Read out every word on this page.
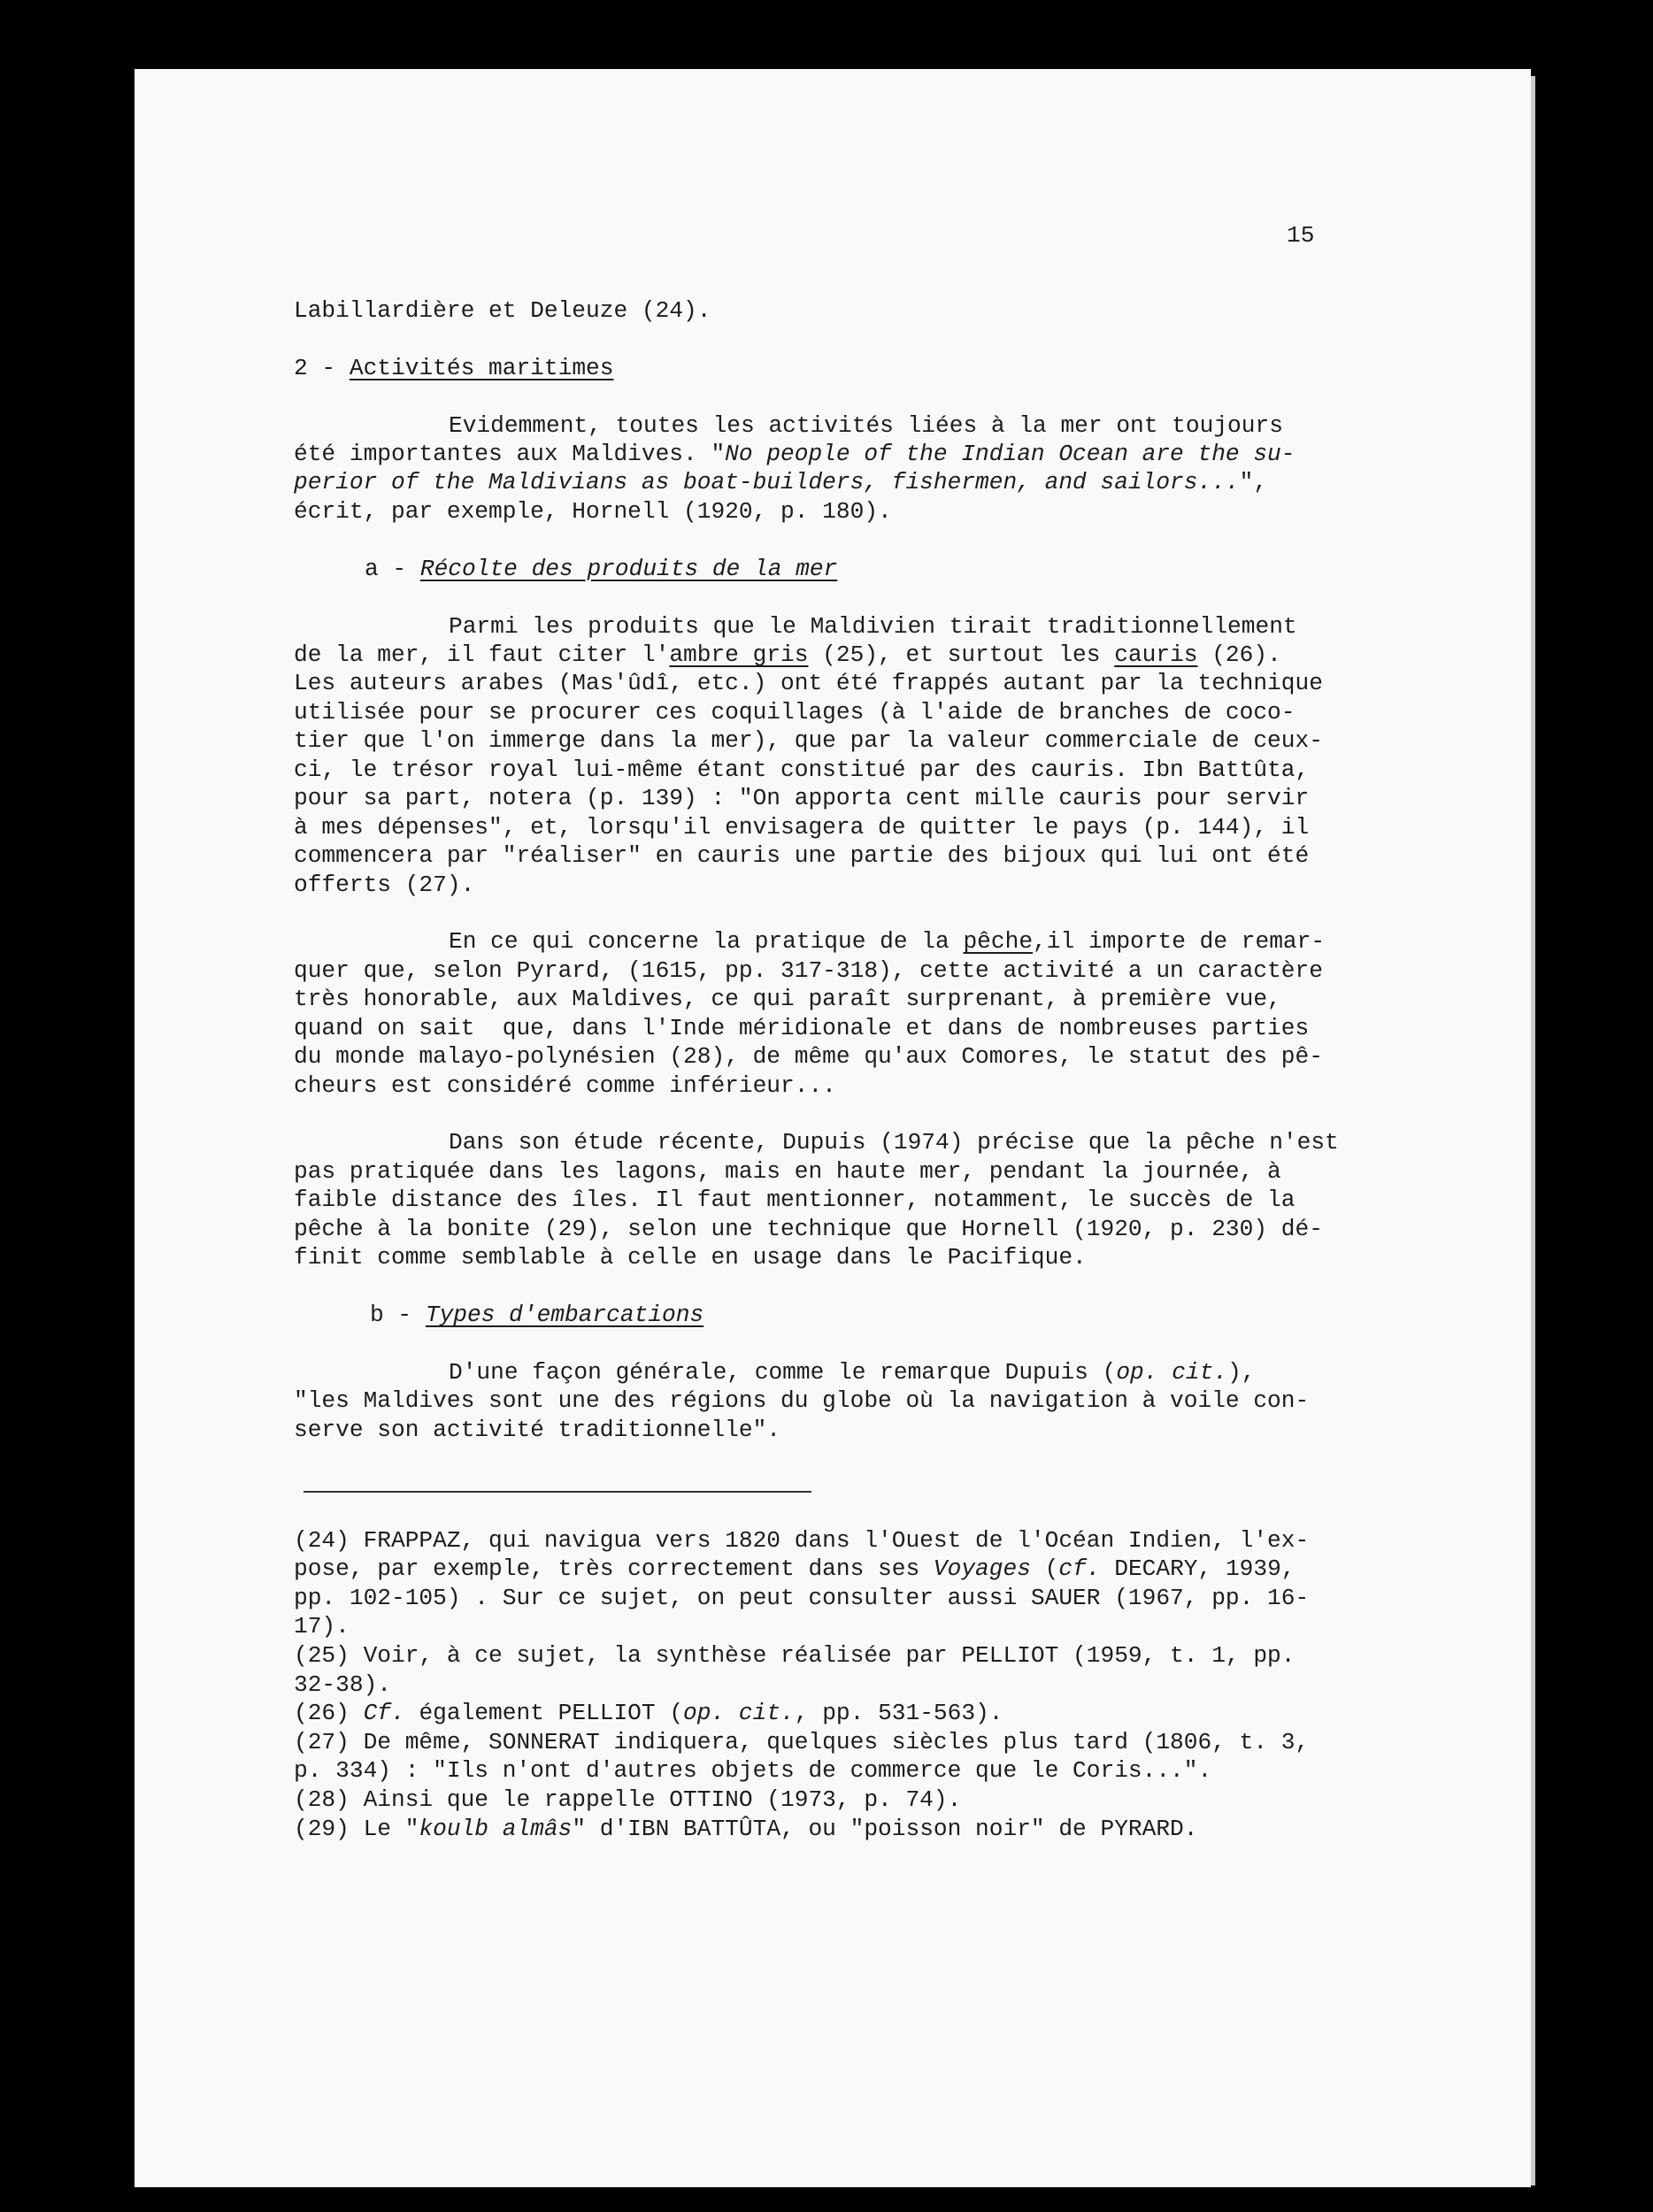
15
Labillardière et Deleuze (24).
2 - Activités maritimes
Evidemment, toutes les activités liées à la mer ont toujours
été importantes aux Maldives. "No people of the Indian Ocean are the su-
perior of the Maldivians as boat-builders, fishermen, and sailors...",
écrit, par exemple, Hornell (1920, p. 180).
a - Récolte des produits de la mer
Parmi les produits que le Maldivien tirait traditionnellement
de la mer, il faut citer l'ambre gris (25), et surtout les cauris (26).
Les auteurs arabes (Mas'ûdî, etc.) ont été frappés autant par la technique
utilisée pour se procurer ces coquillages (à l'aide de branches de coco-
tier que l'on immerge dans la mer), que par la valeur commerciale de ceux-
ci, le trésor royal lui-même étant constitué par des cauris. Ibn Battûta,
pour sa part, notera (p. 139) : "On apporta cent mille cauris pour servir
à mes dépenses", et, lorsqu'il envisagera de quitter le pays (p. 144), il
commencera par "réaliser" en cauris une partie des bijoux qui lui ont été
offerts (27).
En ce qui concerne la pratique de la pêche,il importe de remar-
quer que, selon Pyrard, (1615, pp. 317-318), cette activité a un caractère
très honorable, aux Maldives, ce qui paraît surprenant, à première vue,
quand on sait  que, dans l'Inde méridionale et dans de nombreuses parties
du monde malayo-polynésien (28), de même qu'aux Comores, le statut des pê-
cheurs est considéré comme inférieur...
Dans son étude récente, Dupuis (1974) précise que la pêche n'est
pas pratiquée dans les lagons, mais en haute mer, pendant la journée, à
faible distance des îles. Il faut mentionner, notamment, le succès de la
pêche à la bonite (29), selon une technique que Hornell (1920, p. 230) dé-
finit comme semblable à celle en usage dans le Pacifique.
b - Types d'embarcations
D'une façon générale, comme le remarque Dupuis (op. cit.),
"les Maldives sont une des régions du globe où la navigation à voile con-
serve son activité traditionnelle".
(24) FRAPPAZ, qui navigua vers 1820 dans l'Ouest de l'Océan Indien, l'ex-
pose, par exemple, très correctement dans ses Voyages (cf. DECARY, 1939,
pp. 102-105) . Sur ce sujet, on peut consulter aussi SAUER (1967, pp. 16-
17).
(25) Voir, à ce sujet, la synthèse réalisée par PELLIOT (1959, t. 1, pp.
32-38).
(26) Cf. également PELLIOT (op. cit., pp. 531-563).
(27) De même, SONNERAT indiquera, quelques siècles plus tard (1806, t. 3,
p. 334) : "Ils n'ont d'autres objets de commerce que le Coris...".
(28) Ainsi que le rappelle OTTINO (1973, p. 74).
(29) Le "koulb almâs" d'IBN BATTÛTA, ou "poisson noir" de PYRARD.
